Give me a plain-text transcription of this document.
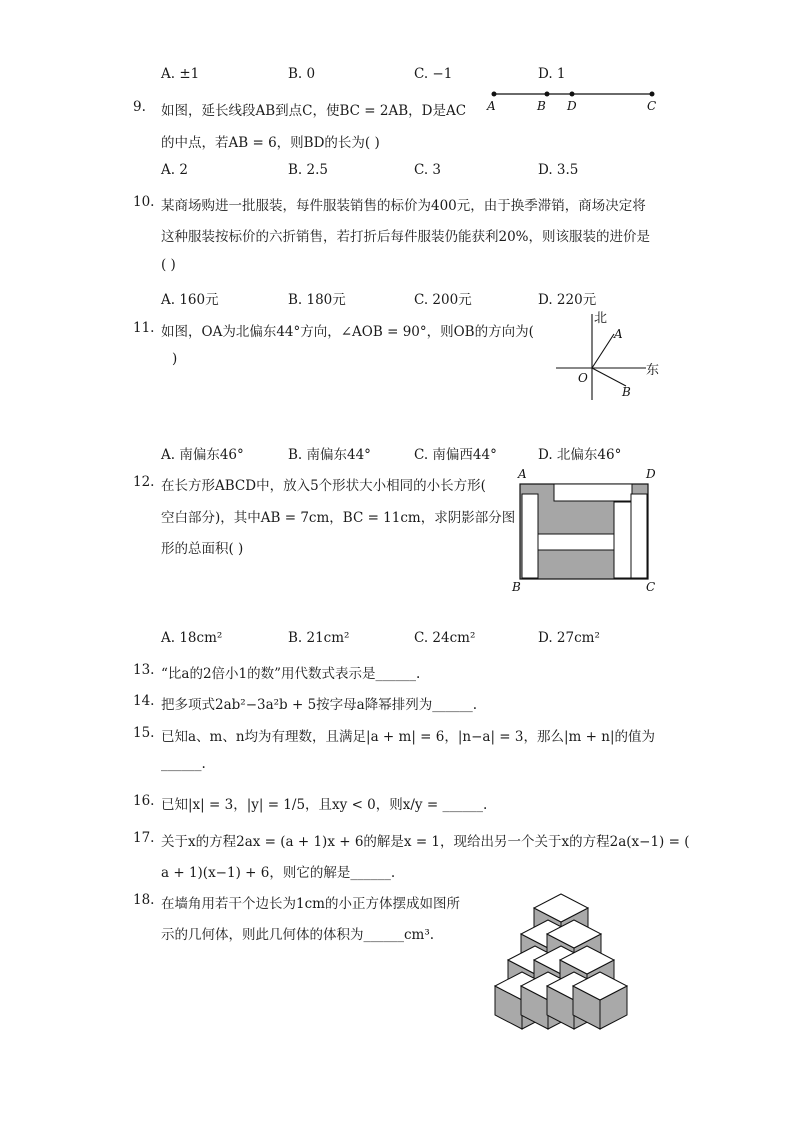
A. ±1	B. 0	C. −1	D. 1
9. 如图，延长线段AB到点C，使BC = 2AB，D是AC
的中点，若AB = 6，则BD的长为( )
A	B D	C
A. 2	B. 2.5	C. 3	D. 3.5
10. 某商场购进一批服装，每件服装销售的标价为400元，由于换季滞销，商场决定将
这种服装按标价的六折销售，若打折后每件服装仍能获利20%，则该服装的进价是
( )
A. 160元	B. 180元	C. 200元	D. 220元
11. 如图，OA为北偏东44°方向，∠AOB = 90°，则OB的方向为(
)
北
东
O
A
B
A. 南偏东46°	B. 南偏东44°	C. 南偏西44°	D. 北偏东46°
12. 在长方形ABCD中，放入5个形状大小相同的小长方形(
空白部分)，其中AB = 7cm，BC = 11cm，求阴影部分图
形的总面积( )
A	D
B	C
A. 18cm²	B. 21cm²	C. 24cm²	D. 27cm²
13. “比a的2倍小1的数”用代数式表示是______.
14. 把多项式2ab²−3a²b + 5按字母a降幂排列为______.
15. 已知a、m、n均为有理数，且满足|a + m| = 6，|n−a| = 3，那么|m + n|的值为
______.
16. 已知|x| = 3，|y| = 1/5，且xy < 0，则x/y = ______.
17. 关于x的方程2ax = (a + 1)x + 6的解是x = 1，现给出另一个关于x的方程2a(x−1) = (
a + 1)(x−1) + 6，则它的解是______.
18. 在墙角用若干个边长为1cm的小正方体摆成如图所
示的几何体，则此几何体的体积为______cm³.
